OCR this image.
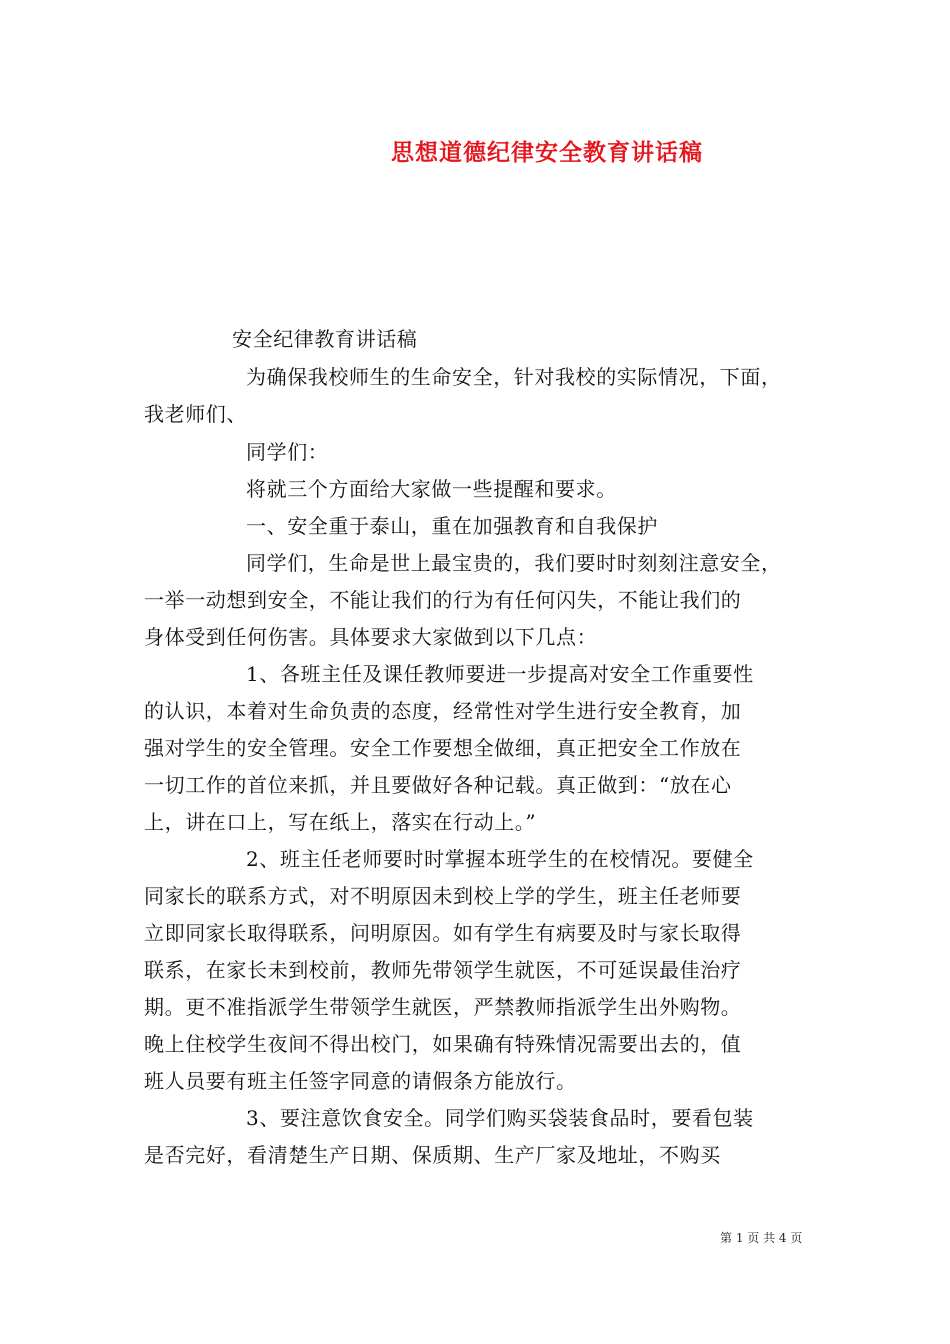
思想道德纪律安全教育讲话稿
安全纪律教育讲话稿
为确保我校师生的生命安全，针对我校的实际情况，下面，
我老师们、
同学们：
将就三个方面给大家做一些提醒和要求。
一、安全重于泰山，重在加强教育和自我保护
同学们，生命是世上最宝贵的，我们要时时刻刻注意安全，
一举一动想到安全，不能让我们的行为有任何闪失，不能让我们的
身体受到任何伤害。具体要求大家做到以下几点：
1、各班主任及课任教师要进一步提高对安全工作重要性
的认识，本着对生命负责的态度，经常性对学生进行安全教育，加
强对学生的安全管理。安全工作要想全做细，真正把安全工作放在
一切工作的首位来抓，并且要做好各种记载。真正做到：“放在心
上，讲在口上，写在纸上，落实在行动上。”
2、班主任老师要时时掌握本班学生的在校情况。要健全
同家长的联系方式，对不明原因未到校上学的学生，班主任老师要
立即同家长取得联系，问明原因。如有学生有病要及时与家长取得
联系，在家长未到校前，教师先带领学生就医，不可延误最佳治疗
期。更不准指派学生带领学生就医，严禁教师指派学生出外购物。
晚上住校学生夜间不得出校门，如果确有特殊情况需要出去的，值
班人员要有班主任签字同意的请假条方能放行。
3、要注意饮食安全。同学们购买袋装食品时，要看包装
是否完好，看清楚生产日期、保质期、生产厂家及地址，不购买
第 1 页 共 4 页
